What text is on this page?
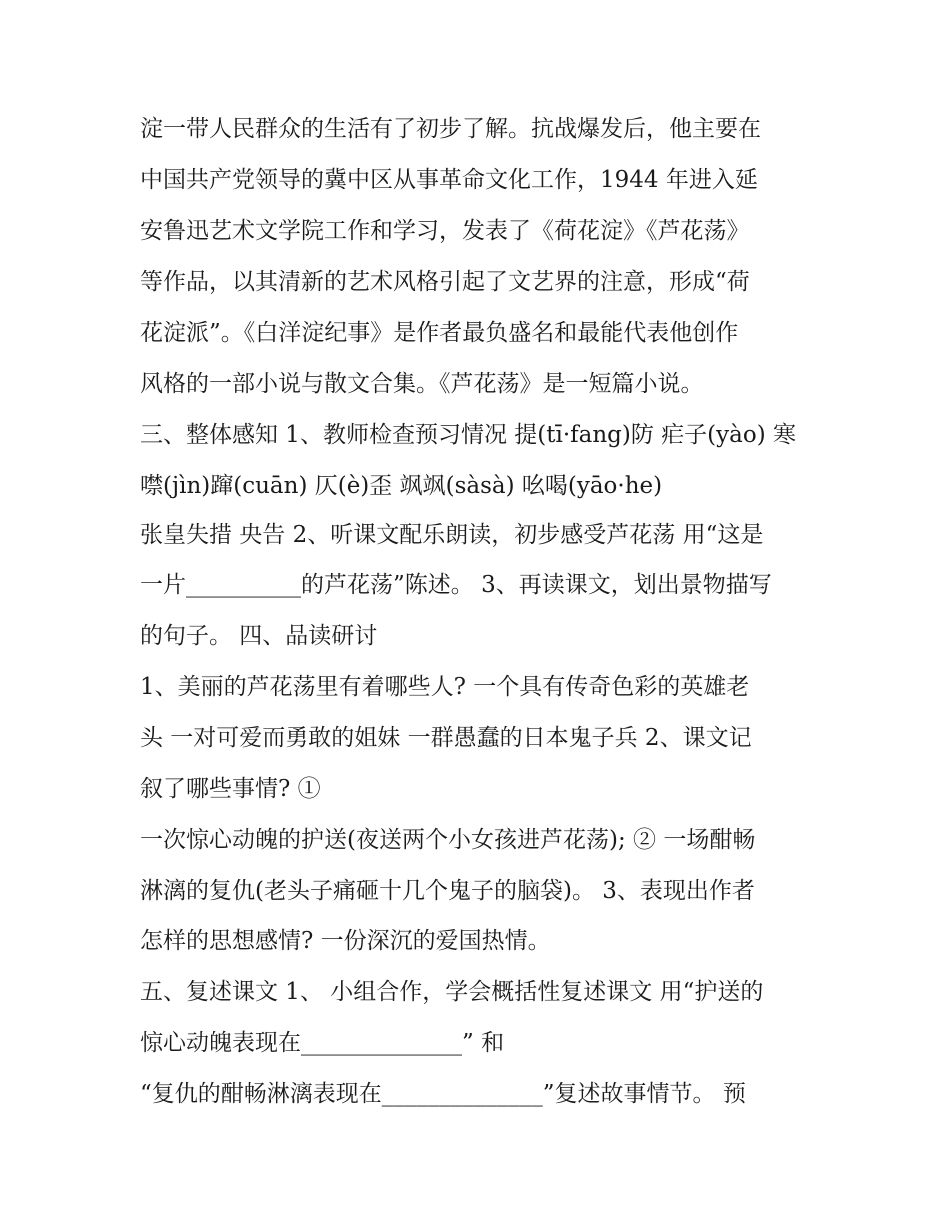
淀一带人民群众的生活有了初步了解。抗战爆发后，他主要在
中国共产党领导的冀中区从事革命文化工作，1944 年进入延
安鲁迅艺术文学院工作和学习，发表了《荷花淀》《芦花荡》
等作品，以其清新的艺术风格引起了文艺界的注意，形成“荷
花淀派”。《白洋淀纪事》是作者最负盛名和最能代表他创作
风格的一部小说与散文合集。《芦花荡》是一短篇小说。
三、整体感知 1、教师检查预习情况 提(tī·fang)防 疟子(yào) 寒
噤(jìn)蹿(cuān) 仄(è)歪 飒飒(sàsà) 吆喝(yāo·he)
张皇失措 央告 2、听课文配乐朗读，初步感受芦花荡 用“这是
一片__________的芦花荡”陈述。 3、再读课文，划出景物描写
的句子。 四、品读研讨
1、美丽的芦花荡里有着哪些人? 一个具有传奇色彩的英雄老
头 一对可爱而勇敢的姐妹 一群愚蠢的日本鬼子兵 2、课文记
叙了哪些事情? ①
一次惊心动魄的护送(夜送两个小女孩进芦花荡); ② 一场酣畅
淋漓的复仇(老头子痛砸十几个鬼子的脑袋)。 3、表现出作者
怎样的思想感情? 一份深沉的爱国热情。
五、复述课文 1、 小组合作，学会概括性复述课文 用“护送的
惊心动魄表现在______________” 和
“复仇的酣畅淋漓表现在______________”复述故事情节。 预
